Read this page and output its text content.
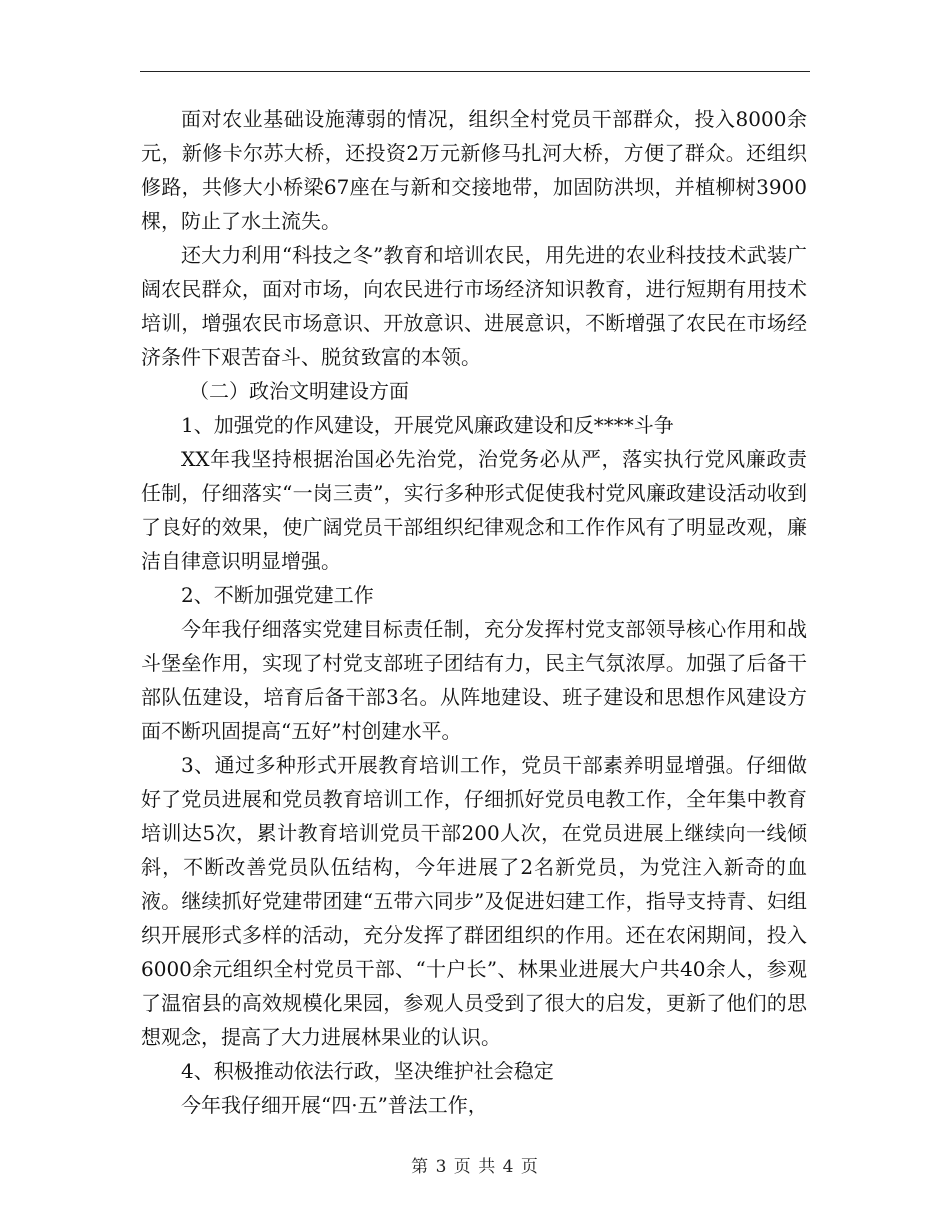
面对农业基础设施薄弱的情况，组织全村党员干部群众，投入8000余元，新修卡尔苏大桥，还投资2万元新修马扎河大桥，方便了群众。还组织修路，共修大小桥梁67座在与新和交接地带，加固防洪坝，并植柳树3900棵，防止了水土流失。

还大力利用“科技之冬”教育和培训农民，用先进的农业科技技术武装广阔农民群众，面对市场，向农民进行市场经济知识教育，进行短期有用技术培训，增强农民市场意识、开放意识、进展意识，不断增强了农民在市场经济条件下艰苦奋斗、脱贫致富的本领。

（二）政治文明建设方面

1、加强党的作风建设，开展党风廉政建设和反****斗争

XX年我坚持根据治国必先治党，治党务必从严，落实执行党风廉政责任制，仔细落实“一岗三责”，实行多种形式促使我村党风廉政建设活动收到了良好的效果，使广阔党员干部组织纪律观念和工作作风有了明显改观，廉洁自律意识明显增强。

2、不断加强党建工作

今年我仔细落实党建目标责任制，充分发挥村党支部领导核心作用和战斗堡垒作用，实现了村党支部班子团结有力，民主气氛浓厚。加强了后备干部队伍建设，培育后备干部3名。从阵地建设、班子建设和思想作风建设方面不断巩固提高“五好”村创建水平。

3、通过多种形式开展教育培训工作，党员干部素养明显增强。仔细做好了党员进展和党员教育培训工作，仔细抓好党员电教工作，全年集中教育培训达5次，累计教育培训党员干部200人次，在党员进展上继续向一线倾斜，不断改善党员队伍结构，今年进展了2名新党员，为党注入新奇的血液。继续抓好党建带团建“五带六同步”及促进妇建工作，指导支持青、妇组织开展形式多样的活动，充分发挥了群团组织的作用。还在农闲期间，投入6000余元组织全村党员干部、“十户长”、林果业进展大户共40余人，参观了温宿县的高效规模化果园，参观人员受到了很大的启发，更新了他们的思想观念，提高了大力进展林果业的认识。

4、积极推动依法行政，坚决维护社会稳定

今年我仔细开展“四·五”普法工作，

第 3 页 共 4 页
